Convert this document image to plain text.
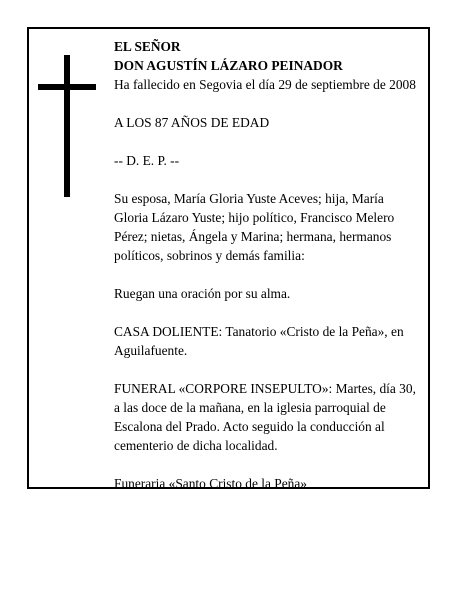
EL SEÑOR
DON AGUSTÍN LÁZARO PEINADOR
Ha fallecido en Segovia el día 29 de septiembre de 2008

A LOS 87 AÑOS DE EDAD

-- D. E. P. --

Su esposa, María Gloria Yuste Aceves; hija, María
Gloria Lázaro Yuste; hijo político, Francisco Melero
Pérez; nietas, Ángela y Marina; hermana, hermanos
políticos, sobrinos y demás familia:

Ruegan una oración por su alma.

CASA DOLIENTE: Tanatorio «Cristo de la Peña», en
Aguilafuente.

FUNERAL «CORPORE INSEPULTO»: Martes, día 30,
a las doce de la mañana, en la iglesia parroquial de
Escalona del Prado. Acto seguido la conducción al
cementerio de dicha localidad.

Funeraria «Santo Cristo de la Peña»
